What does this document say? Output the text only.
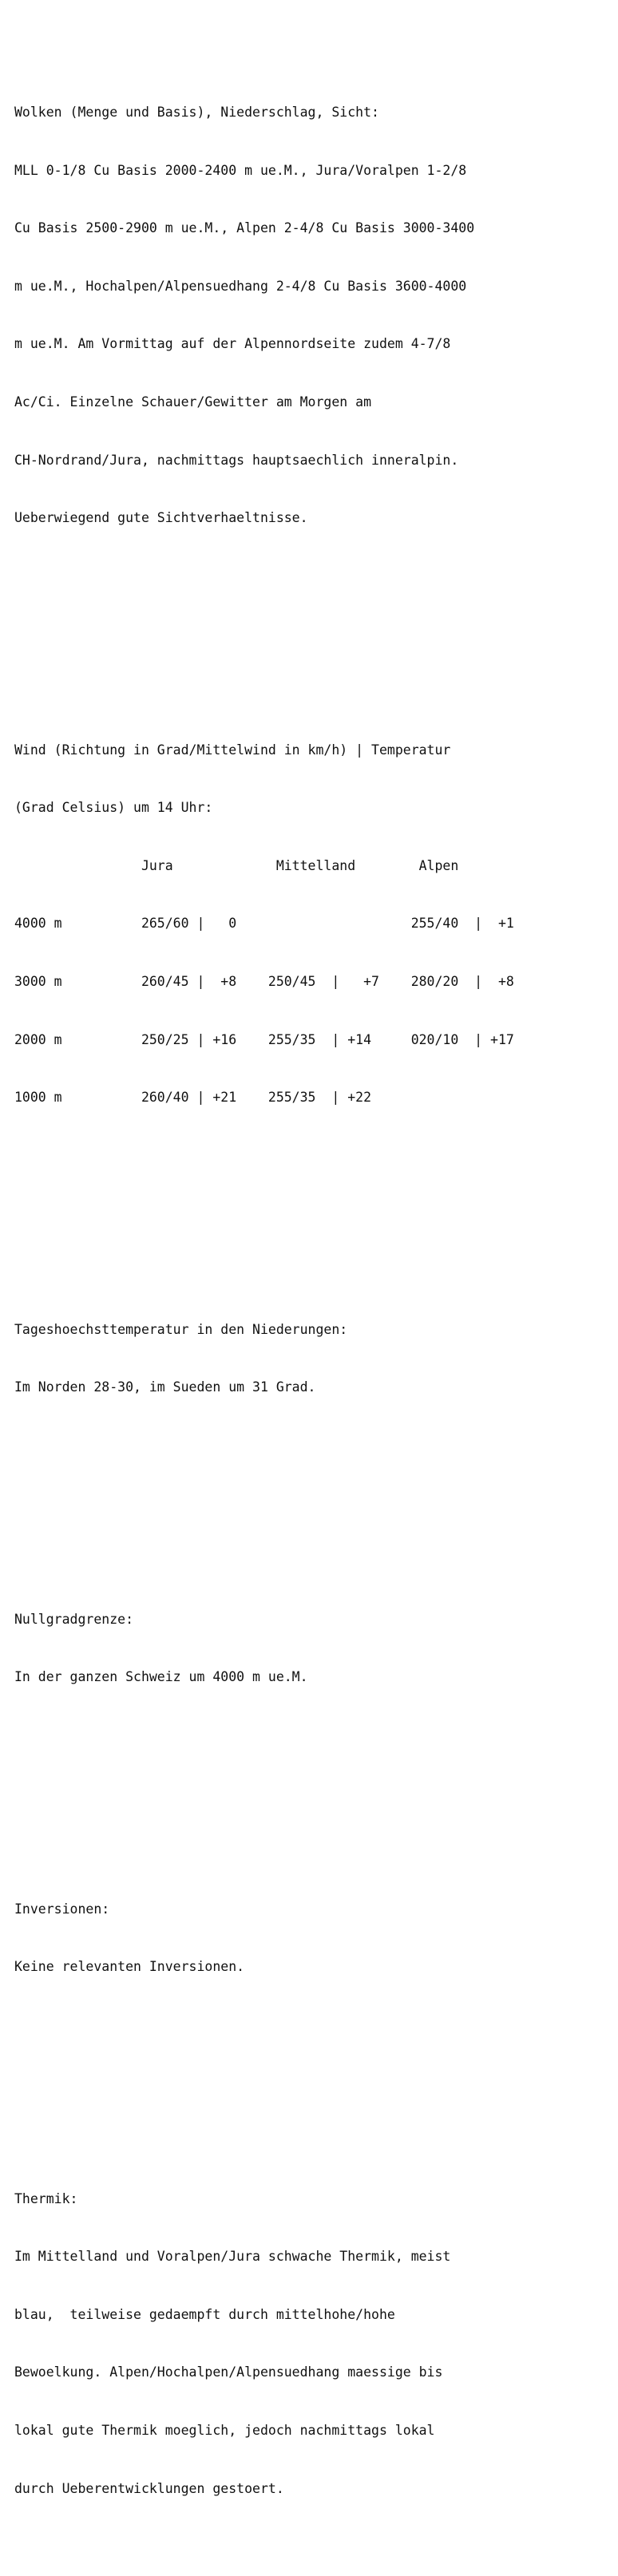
Wolken (Menge und Basis), Niederschlag, Sicht:

MLL 0-1/8 Cu Basis 2000-2400 m ue.M., Jura/Voralpen 1-2/8

Cu Basis 2500-2900 m ue.M., Alpen 2-4/8 Cu Basis 3000-3400

m ue.M., Hochalpen/Alpensuedhang 2-4/8 Cu Basis 3600-4000

m ue.M. Am Vormittag auf der Alpennordseite zudem 4-7/8

Ac/Ci. Einzelne Schauer/Gewitter am Morgen am

CH-Nordrand/Jura, nachmittags hauptsaechlich inneralpin.

Ueberwiegend gute Sichtverhaeltnisse.

Wind (Richtung in Grad/Mittelwind in km/h) | Temperatur

(Grad Celsius) um 14 Uhr:

Jura             Mittelland        Alpen

4000 m          265/60 |   0                      255/40  |  +1

3000 m          260/45 |  +8    250/45  |   +7    280/20  |  +8

2000 m          250/25 | +16    255/35  | +14     020/10  | +17

1000 m          260/40 | +21    255/35  | +22

Tageshoechsttemperatur in den Niederungen:

Im Norden 28-30, im Sueden um 31 Grad.

Nullgradgrenze:

In der ganzen Schweiz um 4000 m ue.M.

Inversionen:

Keine relevanten Inversionen.

Thermik:

Im Mittelland und Voralpen/Jura schwache Thermik, meist

blau,  teilweise gedaempft durch mittelhohe/hohe

Bewoelkung. Alpen/Hochalpen/Alpensuedhang maessige bis

lokal gute Thermik moeglich, jedoch nachmittags lokal

durch Ueberentwicklungen gestoert.
